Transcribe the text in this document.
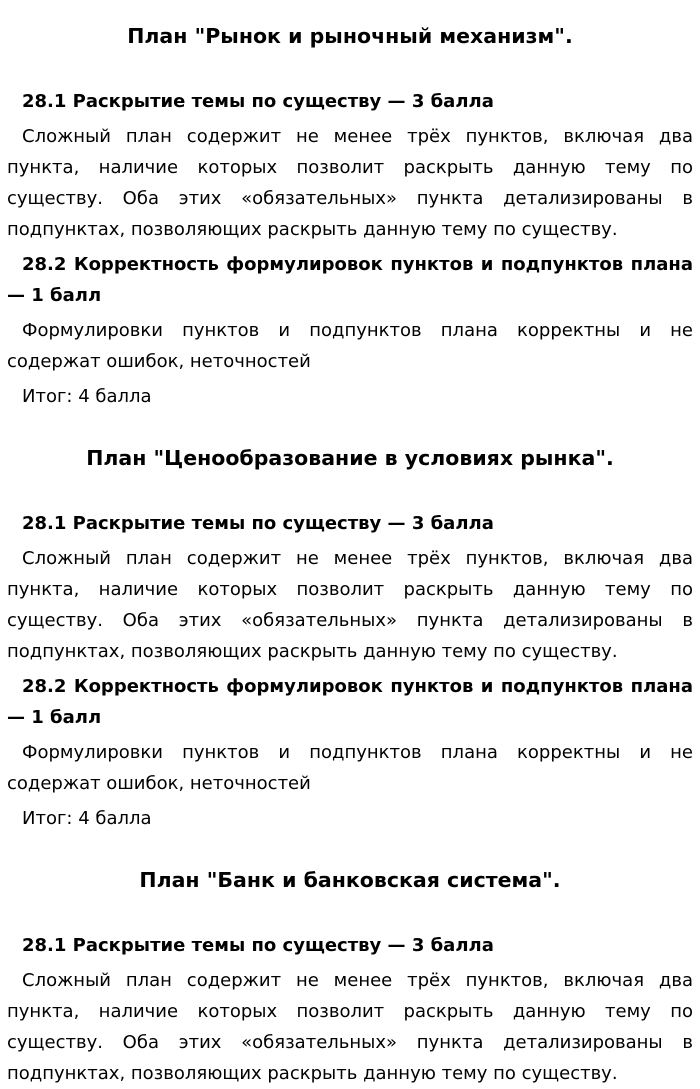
План "Рынок и рыночный механизм".

28.1 Раскрытие темы по существу — 3 балла

Сложный план содержит не менее трёх пунктов, включая два пункта, наличие которых позволит раскрыть данную тему по существу. Оба этих «обязательных» пункта детализированы в подпунктах, позволяющих раскрыть данную тему по существу.

28.2 Корректность формулировок пунктов и подпунктов плана — 1 балл

Формулировки пунктов и подпунктов плана корректны и не содержат ошибок, неточностей

Итог: 4 балла

План "Ценообразование в условиях рынка".

28.1 Раскрытие темы по существу — 3 балла

Сложный план содержит не менее трёх пунктов, включая два пункта, наличие которых позволит раскрыть данную тему по существу. Оба этих «обязательных» пункта детализированы в подпунктах, позволяющих раскрыть данную тему по существу.

28.2 Корректность формулировок пунктов и подпунктов плана — 1 балл

Формулировки пунктов и подпунктов плана корректны и не содержат ошибок, неточностей

Итог: 4 балла

План "Банк и банковская система".

28.1 Раскрытие темы по существу — 3 балла

Сложный план содержит не менее трёх пунктов, включая два пункта, наличие которых позволит раскрыть данную тему по существу. Оба этих «обязательных» пункта детализированы в подпунктах, позволяющих раскрыть данную тему по существу.
